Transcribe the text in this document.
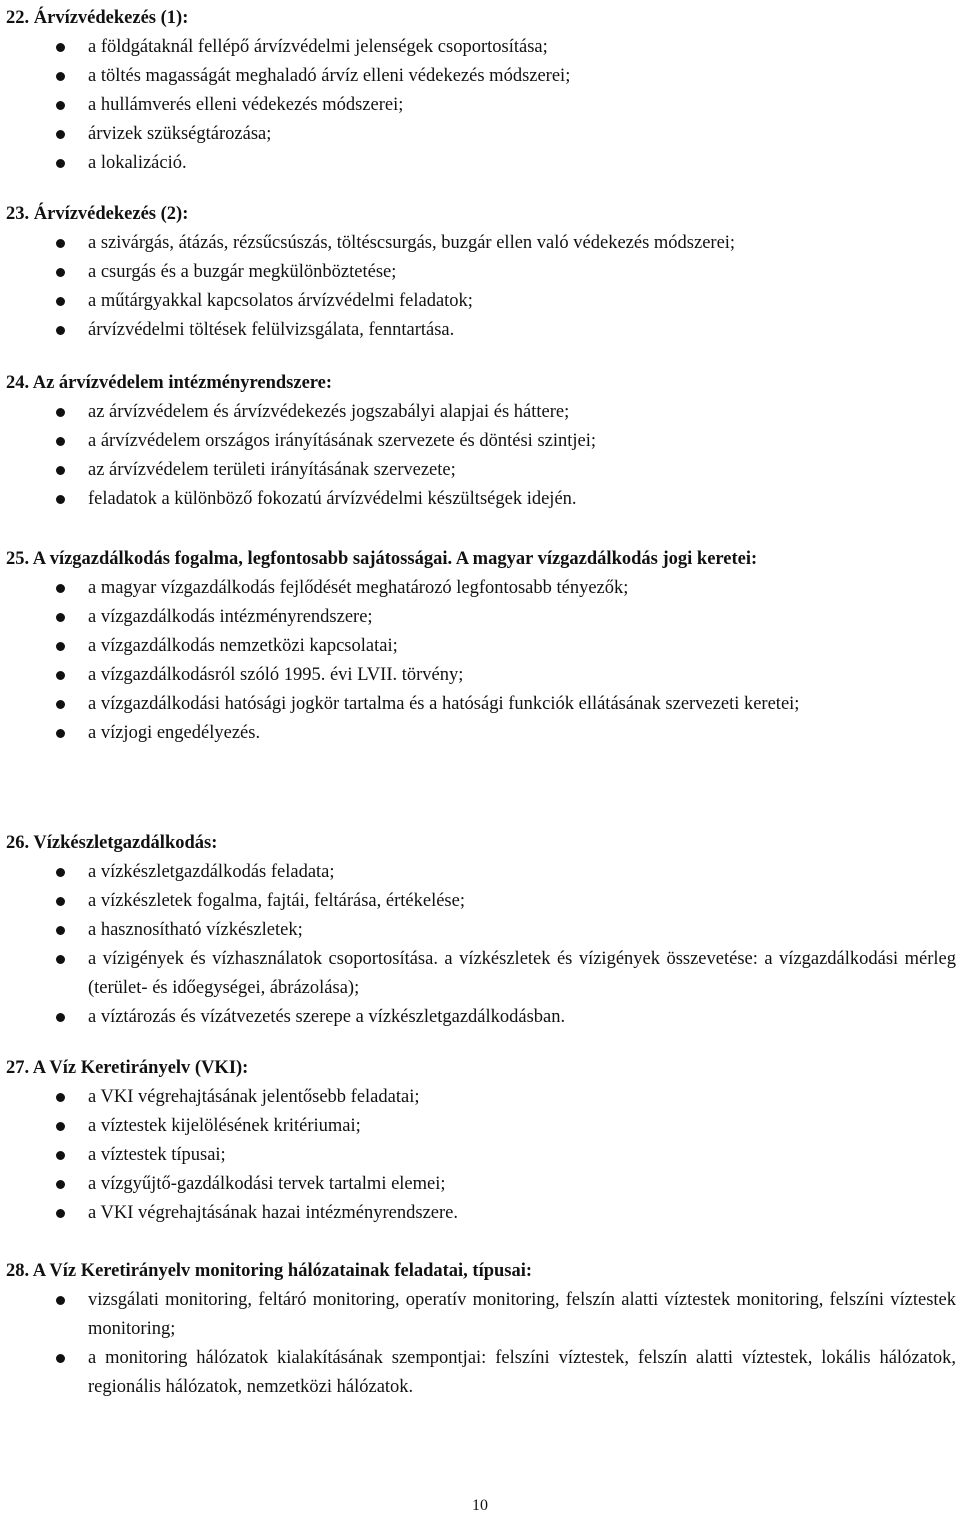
22. Árvízvédekezés (1):

a földgátaknál fellépő árvízvédelmi jelenségek csoportosítása;
a töltés magasságát meghaladó árvíz elleni védekezés módszerei;
a hullámverés elleni védekezés módszerei;
árvizek szükségtározása;
a lokalizáció.

23. Árvízvédekezés (2):

a szivárgás, átázás, rézsűcsúszás, töltéscsurgás, buzgár ellen való védekezés módszerei;
a csurgás és a buzgár megkülönböztetése;
a műtárgyakkal kapcsolatos árvízvédelmi feladatok;
árvízvédelmi töltések felülvizsgálata, fenntartása.

24. Az árvízvédelem intézményrendszere:

az árvízvédelem és árvízvédekezés jogszabályi alapjai és háttere;
a árvízvédelem országos irányításának szervezete és döntési szintjei;
az árvízvédelem területi irányításának szervezete;
feladatok a különböző fokozatú árvízvédelmi készültségek idején.

25. A vízgazdálkodás fogalma, legfontosabb sajátosságai. A magyar vízgazdálkodás jogi keretei:

a magyar vízgazdálkodás fejlődését meghatározó legfontosabb tényezők;
a vízgazdálkodás intézményrendszere;
a vízgazdálkodás nemzetközi kapcsolatai;
a vízgazdálkodásról szóló 1995. évi LVII. törvény;
a vízgazdálkodási hatósági jogkör tartalma és a hatósági funkciók ellátásának szervezeti keretei;
a vízjogi engedélyezés.

26. Vízkészletgazdálkodás:

a vízkészletgazdálkodás feladata;
a vízkészletek fogalma, fajtái, feltárása, értékelése;
a hasznosítható vízkészletek;
a vízigények és vízhasználatok csoportosítása. a vízkészletek és vízigények összevetése: a vízgazdálkodási mérleg (terület- és időegységei, ábrázolása);
a víztározás és vízátvezetés szerepe a vízkészletgazdálkodásban.

27. A Víz Keretirányelv (VKI):

a VKI végrehajtásának jelentősebb feladatai;
a víztestek kijelölésének kritériumai;
a víztestek típusai;
a vízgyűjtő-gazdálkodási tervek tartalmi elemei;
a VKI végrehajtásának hazai intézményrendszere.

28. A Víz Keretirányelv monitoring hálózatainak feladatai, típusai:

vizsgálati monitoring, feltáró monitoring, operatív monitoring, felszín alatti víztestek monitoring, felszíni víztestek monitoring;
a monitoring hálózatok kialakításának szempontjai: felszíni víztestek, felszín alatti víztestek, lokális hálózatok, regionális hálózatok, nemzetközi hálózatok.
10
